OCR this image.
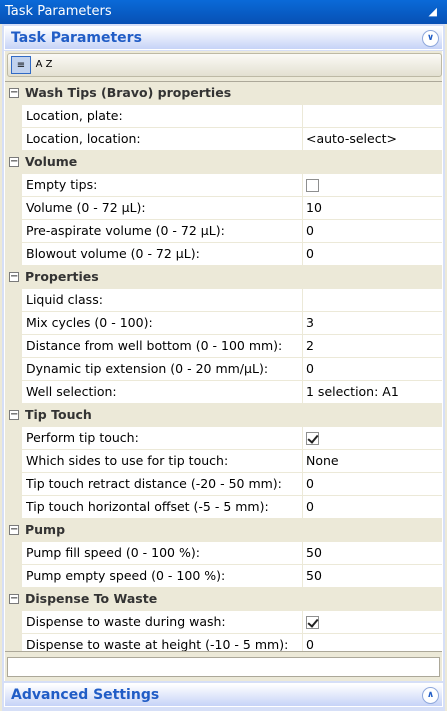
Task Parameters	◢
Task Parameters	∨
≡	A Z
− Wash Tips (Bravo) properties
Location, plate:
Location, location:	<auto-select>
− Volume
Empty tips:
Volume (0 - 72 µL):	10
Pre-aspirate volume (0 - 72 µL):	0
Blowout volume (0 - 72 µL):	0
− Properties
Liquid class:
Mix cycles (0 - 100):	3
Distance from well bottom (0 - 100 mm):	2
Dynamic tip extension (0 - 20 mm/µL):	0
Well selection:	1 selection: A1
− Tip Touch
Perform tip touch:
Which sides to use for tip touch:	None
Tip touch retract distance (-20 - 50 mm):	0
Tip touch horizontal offset (-5 - 5 mm):	0
− Pump
Pump fill speed (0 - 100 %):	50
Pump empty speed (0 - 100 %):	50
− Dispense To Waste
Dispense to waste during wash:
Dispense to waste at height (-10 - 5 mm):	0
Advanced Settings	∧
